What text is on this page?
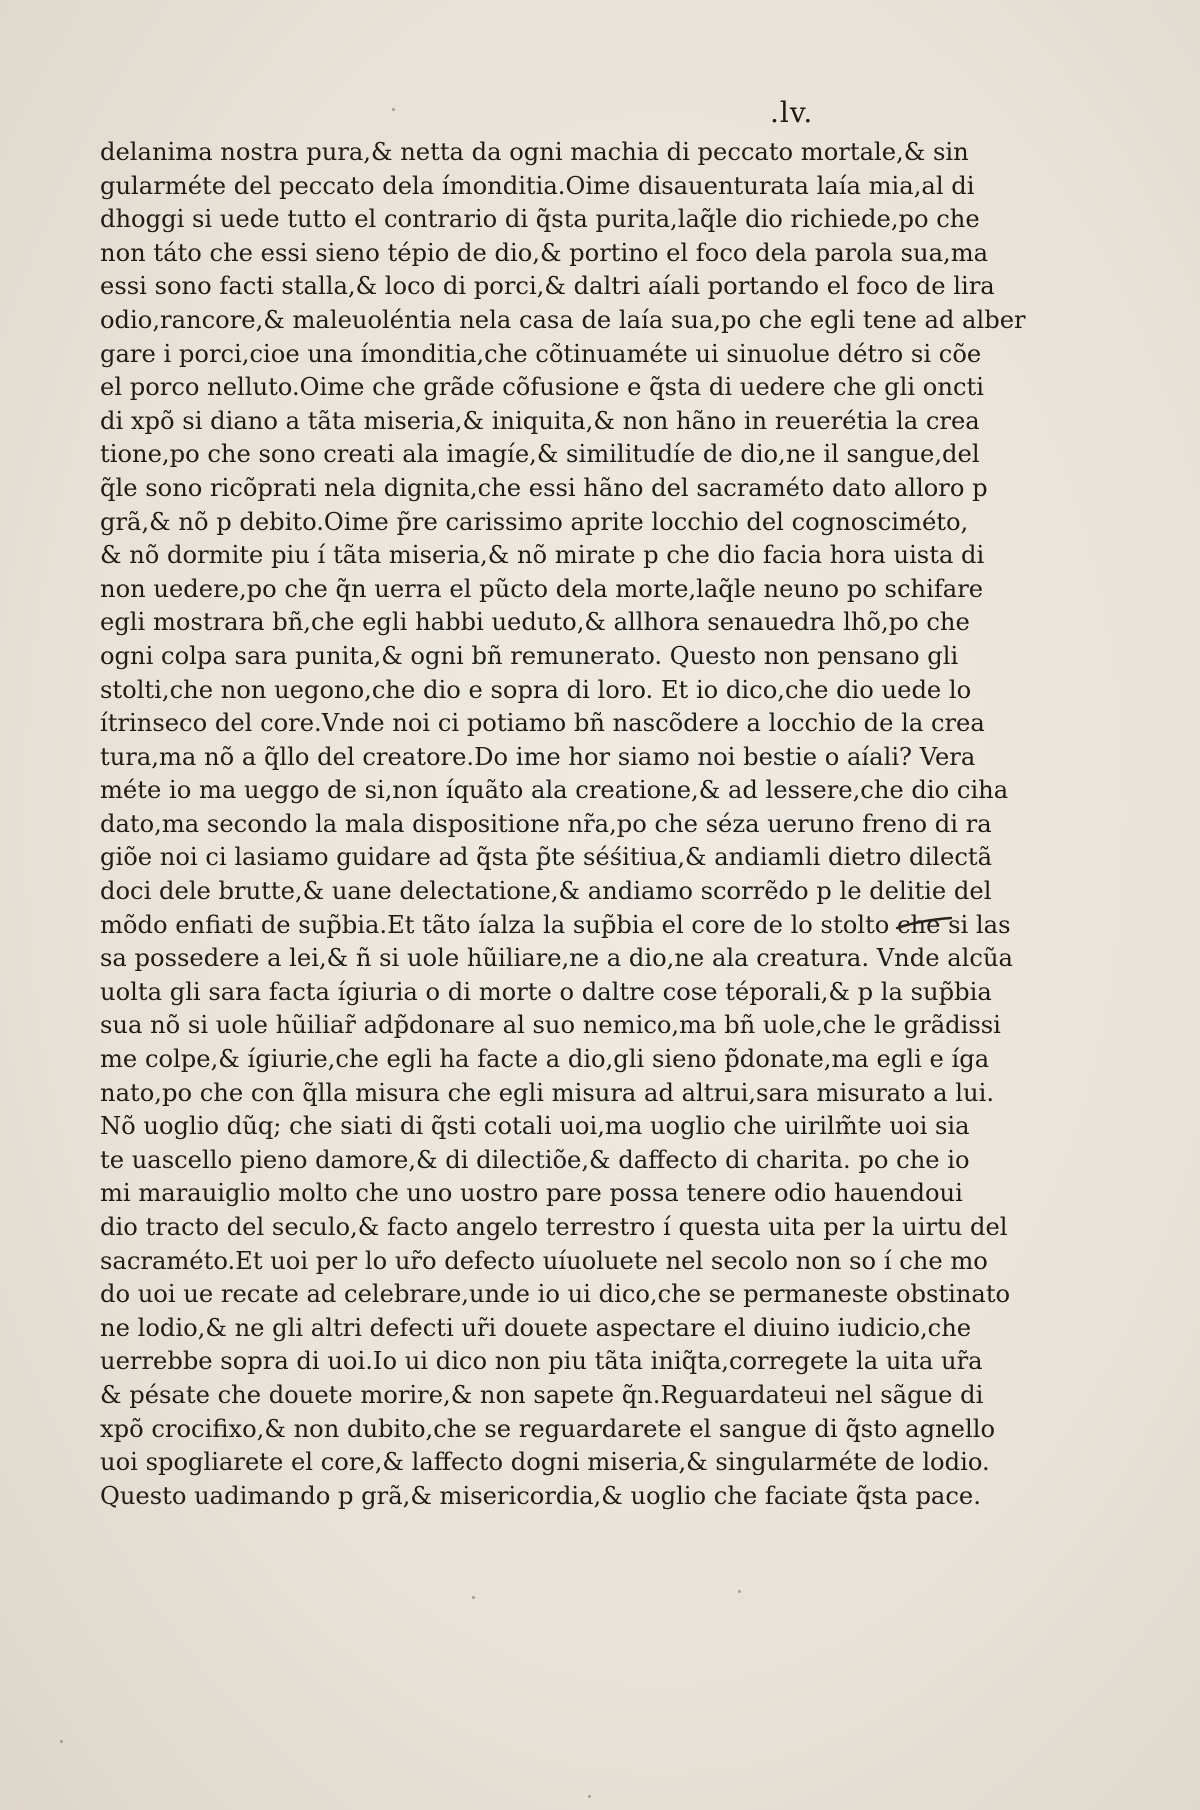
.lv.

delanima nostra pura,& netta da ogni machia di peccato mortale,& sin
gularméte del peccato dela ímonditia.Oime disauenturata laía mia,al di
dhoggi si uede tutto el contrario di q̃sta purita,laq̃le dio richiede,po che
non táto che essi sieno tépio de dio,& portino el foco dela parola sua,ma
essi sono facti stalla,& loco di porci,& daltri aíali portando el foco de lira
odio,rancore,& maleuoléntia nela casa de laía sua,po che egli tene ad alber
gare i porci,cioe una ímonditia,che cõtinuaméte ui sinuolue détro si cõe
el porco nelluto.Oime che grãde cõfusione e q̃sta di uedere che gli oncti
di xpõ si diano a tãta miseria,& iniquita,& non hãno in reuerétia la crea
tione,po che sono creati ala imagíe,& similitudíe de dio,ne il sangue,del
q̃le sono ricõprati nela dignita,che essi hãno del sacraméto dato alloro p
grã,& nõ p debito.Oime p̃re carissimo aprite locchio del cognosciméto,
& nõ dormite piu í tãta miseria,& nõ mirate p che dio facia hora uista di
non uedere,po che q̃n uerra el pũcto dela morte,laq̃le neuno po schifare
egli mostrara bñ,che egli habbi ueduto,& allhora senauedra lhõ,po che
ogni colpa sara punita,& ogni bñ remunerato. Questo non pensano gli
stolti,che non uegono,che dio e sopra di loro. Et io dico,che dio uede lo
ítrinseco del core.Vnde noi ci potiamo bñ nascõdere a locchio de la crea
tura,ma nõ a q̃llo del creatore.Do ime hor siamo noi bestie o aíali? Vera
méte io ma ueggo de si,non íquãto ala creatione,& ad lessere,che dio ciha
dato,ma secondo la mala dispositione nr̃a,po che séza ueruno freno di ra
giõe noi ci lasiamo guidare ad q̃sta p̃te séśitiua,& andiamli dietro dilectã
doci dele brutte,& uane delectatione,& andiamo scorrẽdo p le delitie del
mõdo enfiati de sup̃bia.Et tãto íalza la sup̃bia el core de lo stolto che si las
sa possedere a lei,& ñ si uole hũiliare,ne a dio,ne ala creatura. Vnde alcũa
uolta gli sara facta ígiuria o di morte o daltre cose téporali,& p la sup̃bia
sua nõ si uole hũiliar̃ adp̃donare al suo nemico,ma bñ uole,che le grãdissi
me colpe,& ígiurie,che egli ha facte a dio,gli sieno p̃donate,ma egli e íga
nato,po che con q̃lla misura che egli misura ad altrui,sara misurato a lui.
Nõ uoglio dũq; che siati di q̃sti cotali uoi,ma uoglio che uirilm̃te uoi sia
te uascello pieno damore,& di dilectiõe,& daffecto di charita. po che io
mi marauiglio molto che uno uostro pare possa tenere odio hauendoui
dio tracto del seculo,& facto angelo terrestro í questa uita per la uirtu del
sacraméto.Et uoi per lo ur̃o defecto uíuoluete nel secolo non so í che mo
do uoi ue recate ad celebrare,unde io ui dico,che se permaneste obstinato
ne lodio,& ne gli altri defecti ur̃i douete aspectare el diuino iudicio,che
uerrebbe sopra di uoi.Io ui dico non piu tãta iniq̃ta,corregete la uita ur̃a
& pésate che douete morire,& non sapete q̃n.Reguardateui nel sãgue di
xpõ crocifixo,& non dubito,che se reguardarete el sangue di q̃sto agnello
uoi spogliarete el core,& laffecto dogni miseria,& singularméte de lodio.
Questo uadimando p grã,& misericordia,& uoglio che faciate q̃sta pace.
